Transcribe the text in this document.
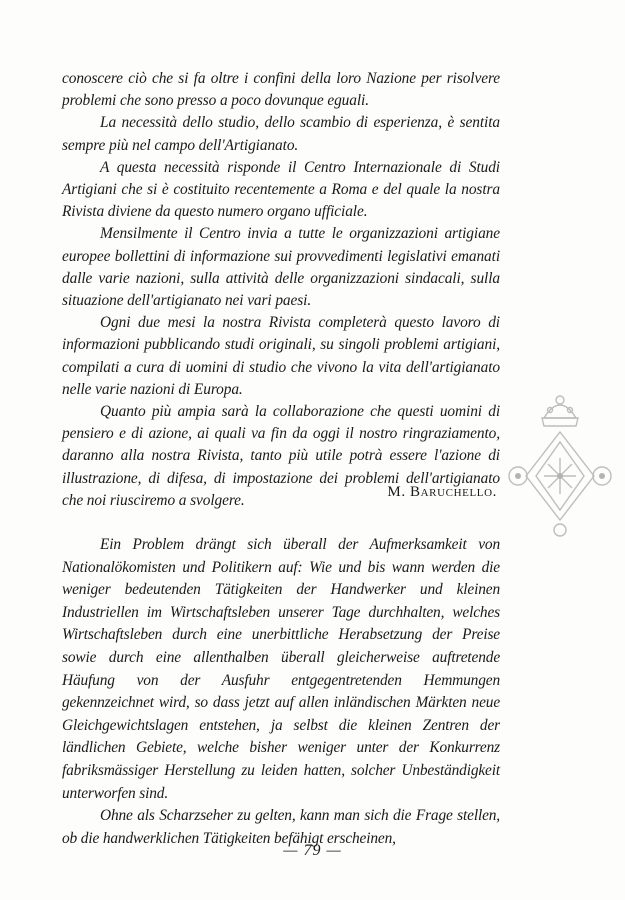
conoscere ciò che si fa oltre i confini della loro Nazione per risolvere problemi che sono presso a poco dovunque eguali.

La necessità dello studio, dello scambio di esperienza, è sentita sempre più nel campo dell'Artigianato.

A questa necessità risponde il Centro Internazionale di Studi Artigiani che si è costituito recentemente a Roma e del quale la nostra Rivista diviene da questo numero organo ufficiale.

Mensilmente il Centro invia a tutte le organizzazioni artigiane europee bollettini di informazione sui provvedimenti legislativi emanati dalle varie nazioni, sulla attività delle organizzazioni sindacali, sulla situazione dell'artigianato nei vari paesi.

Ogni due mesi la nostra Rivista completerà questo lavoro di informazioni pubblicando studi originali, su singoli problemi artigiani, compilati a cura di uomini di studio che vivono la vita dell'artigianato nelle varie nazioni di Europa.

Quanto più ampia sarà la collaborazione che questi uomini di pensiero e di azione, ai quali va fin da oggi il nostro ringraziamento, daranno alla nostra Rivista, tanto più utile potrà essere l'azione di illustrazione, di difesa, di impostazione dei problemi dell'artigianato che noi riusciremo a svolgere.	M. Baruchello.

Ein Problem drängt sich überall der Aufmerksamkeit von Nationalökomisten und Politikern auf: Wie und bis wann werden die weniger bedeutenden Tätigkeiten der Handwerker und kleinen Industriellen im Wirtschaftsleben unserer Tage durchhalten, welches Wirtschaftsleben durch eine unerbittliche Herabsetzung der Preise sowie durch eine allenthalben überall gleicherweise auftretende Häufung von der Ausfuhr entgegentretenden Hemmungen gekennzeichnet wird, so dass jetzt auf allen inländischen Märkten neue Gleichgewichtslagen entstehen, ja selbst die kleinen Zentren der ländlichen Gebiete, welche bisher weniger unter der Konkurrenz fabriksmässiger Herstellung zu leiden hatten, solcher Unbeständigkeit unterworfen sind.

Ohne als Scharzseher zu gelten, kann man sich die Frage stellen, ob die handwerklichen Tätigkeiten befähigt erscheinen,

— 79 —
